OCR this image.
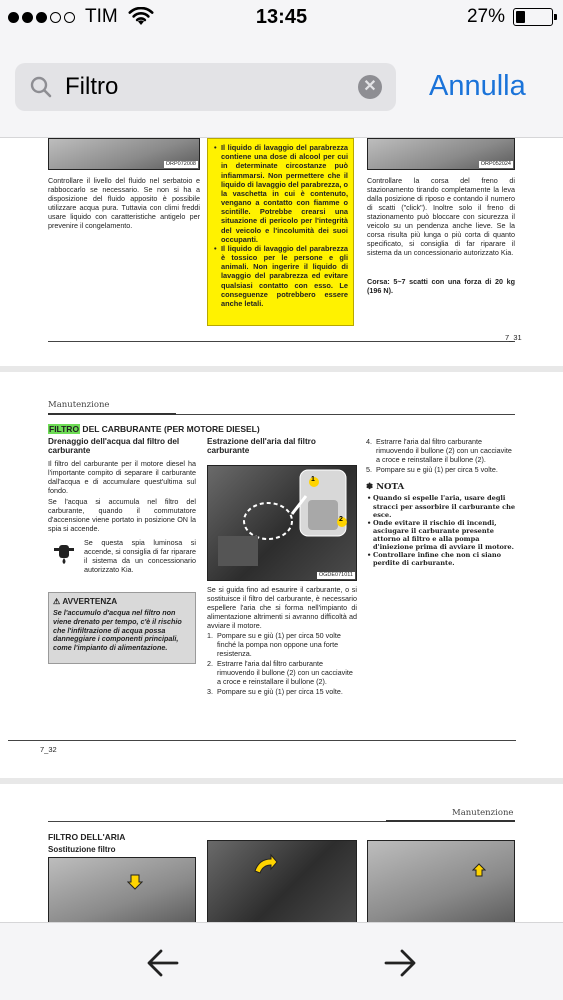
TIM	13:45	27%
Filtro
✕ Annulla
ORP072008
Controllare il livello del fluido nel serbatoio e rabboccarlo se necessario. Se non si ha a disposizione del fluido apposito è possibile utilizzare acqua pura. Tuttavia con climi freddi usare liquido con caratteristiche antigelo per prevenire il congelamento.
• Il liquido di lavaggio del parabrezza contiene una dose di alcool per cui in determinate circostanze può infiammarsi. Non permettere che il liquido di lavaggio del parabrezza, o la vaschetta in cui è contenuto, vengano a contatto con fiamme o scintille. Potrebbe crearsi una situazione di pericolo per l'integrità del veicolo e l'incolumità dei suoi occupanti.
• Il liquido di lavaggio del parabrezza è tossico per le persone e gli animali. Non ingerire il liquido di lavaggio del parabrezza ed evitare qualsiasi contatto con esso. Le conseguenze potrebbero essere anche letali.
ORP052024
Controllare la corsa del freno di stazionamento tirando completamente la leva dalla posizione di riposo e contando il numero di scatti ("click"). Inoltre solo il freno di stazionamento può bloccare con sicurezza il veicolo su un pendenza anche lieve. Se la corsa risulta più lunga o più corta di quanto specificato, si consiglia di far riparare il sistema da un concessionario autorizzato Kia.
Corsa: 5~7 scatti con una forza di 20 kg (196 N).
7_31
Manutenzione
FILTRO DEL CARBURANTE (PER MOTORE DIESEL)
Drenaggio dell'acqua dal filtro del carburante
Il filtro del carburante per il motore diesel ha l'importante compito di separare il carburante dall'acqua e di accumulare quest'ultima sul fondo.
Se l'acqua si accumula nel filtro del carburante, quando il commutatore d'accensione viene portato in posizione ON la spia si accende.
Se questa spia luminosa si accende, si consiglia di far riparare il sistema da un concessionario autorizzato Kia.
⚠ AVVERTENZA
Se l'accumulo d'acqua nel filtro non viene drenato per tempo, c'è il rischio che l'infiltrazione di acqua possa danneggiare i componenti principali, come l'impianto di alimentazione.
Estrazione dell'aria dal filtro carburante
1
2
OGDE071011
Se si guida fino ad esaurire il carburante, o si sostituisce il filtro del carburante, è necessario espellere l'aria che si forma nell'impianto di alimentazione altrimenti si avranno difficoltà ad avviare il motore.
1. Pompare su e giù (1) per circa 50 volte finché la pompa non oppone una forte resistenza.
2. Estrarre l'aria dal filtro carburante rimuovendo il bullone (2) con un cacciavite a croce e reinstallare il bullone (2).
3. Pompare su e giù (1) per circa 15 volte.
4. Estrarre l'aria dal filtro carburante rimuovendo il bullone (2) con un cacciavite a croce e reinstallare il bullone (2).
5. Pompare su e giù (1) per circa 5 volte.
✽ NOTA
• Quando si espelle l'aria, usare degli stracci per assorbire il carburante che esce.
• Onde evitare il rischio di incendi, asciugare il carburante presente attorno al filtro e alla pompa d'iniezione prima di avviare il motore.
• Controllare infine che non ci siano perdite di carburante.
7_32
Manutenzione
FILTRO DELL'ARIA
Sostituzione filtro
